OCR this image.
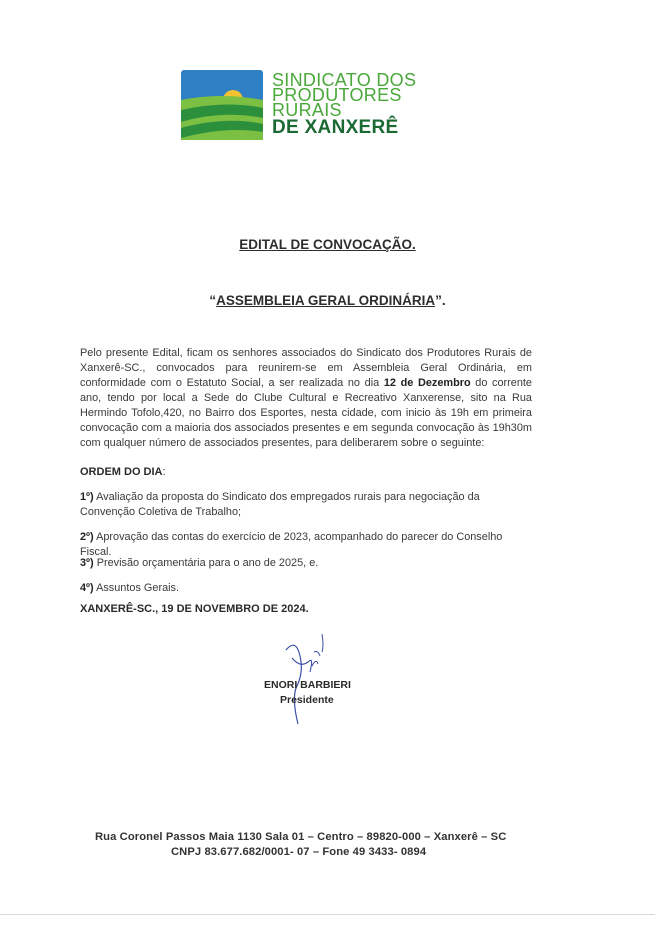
SINDICATO DOS
PRODUTORES
RURAIS
DE XANXERÊ
EDITAL DE CONVOCAÇÃO.
“ASSEMBLEIA GERAL ORDINÁRIA”.
Pelo presente Edital, ficam os senhores associados do Sindicato dos Produtores Rurais de Xanxerê-SC., convocados para reunirem-se em Assembleia Geral Ordinária, em conformidade com o Estatuto Social, a ser realizada no dia 12 de Dezembro do corrente ano, tendo por local a Sede do Clube Cultural e Recreativo Xanxerense, sito na Rua Hermindo Tofolo,420, no Bairro dos Esportes, nesta cidade, com inicio às 19h em primeira convocação com a maioria dos associados presentes e em segunda convocação às 19h30m com qualquer número de associados presentes, para deliberarem sobre o seguinte:
ORDEM DO DIA:
1º) Avaliação da proposta do Sindicato dos empregados rurais para negociação da Convenção Coletiva de Trabalho;
2º) Aprovação das contas do exercício de 2023, acompanhado do parecer do Conselho Fiscal.
3º) Previsão orçamentária para o ano de 2025, e.
4º) Assuntos Gerais.
XANXERÊ-SC., 19 DE NOVEMBRO DE 2024.
ENORI BARBIERI
Presidente
Rua Coronel Passos Maia 1130 Sala 01 – Centro – 89820-000 – Xanxerê – SC
CNPJ 83.677.682/0001- 07 – Fone 49 3433- 0894
